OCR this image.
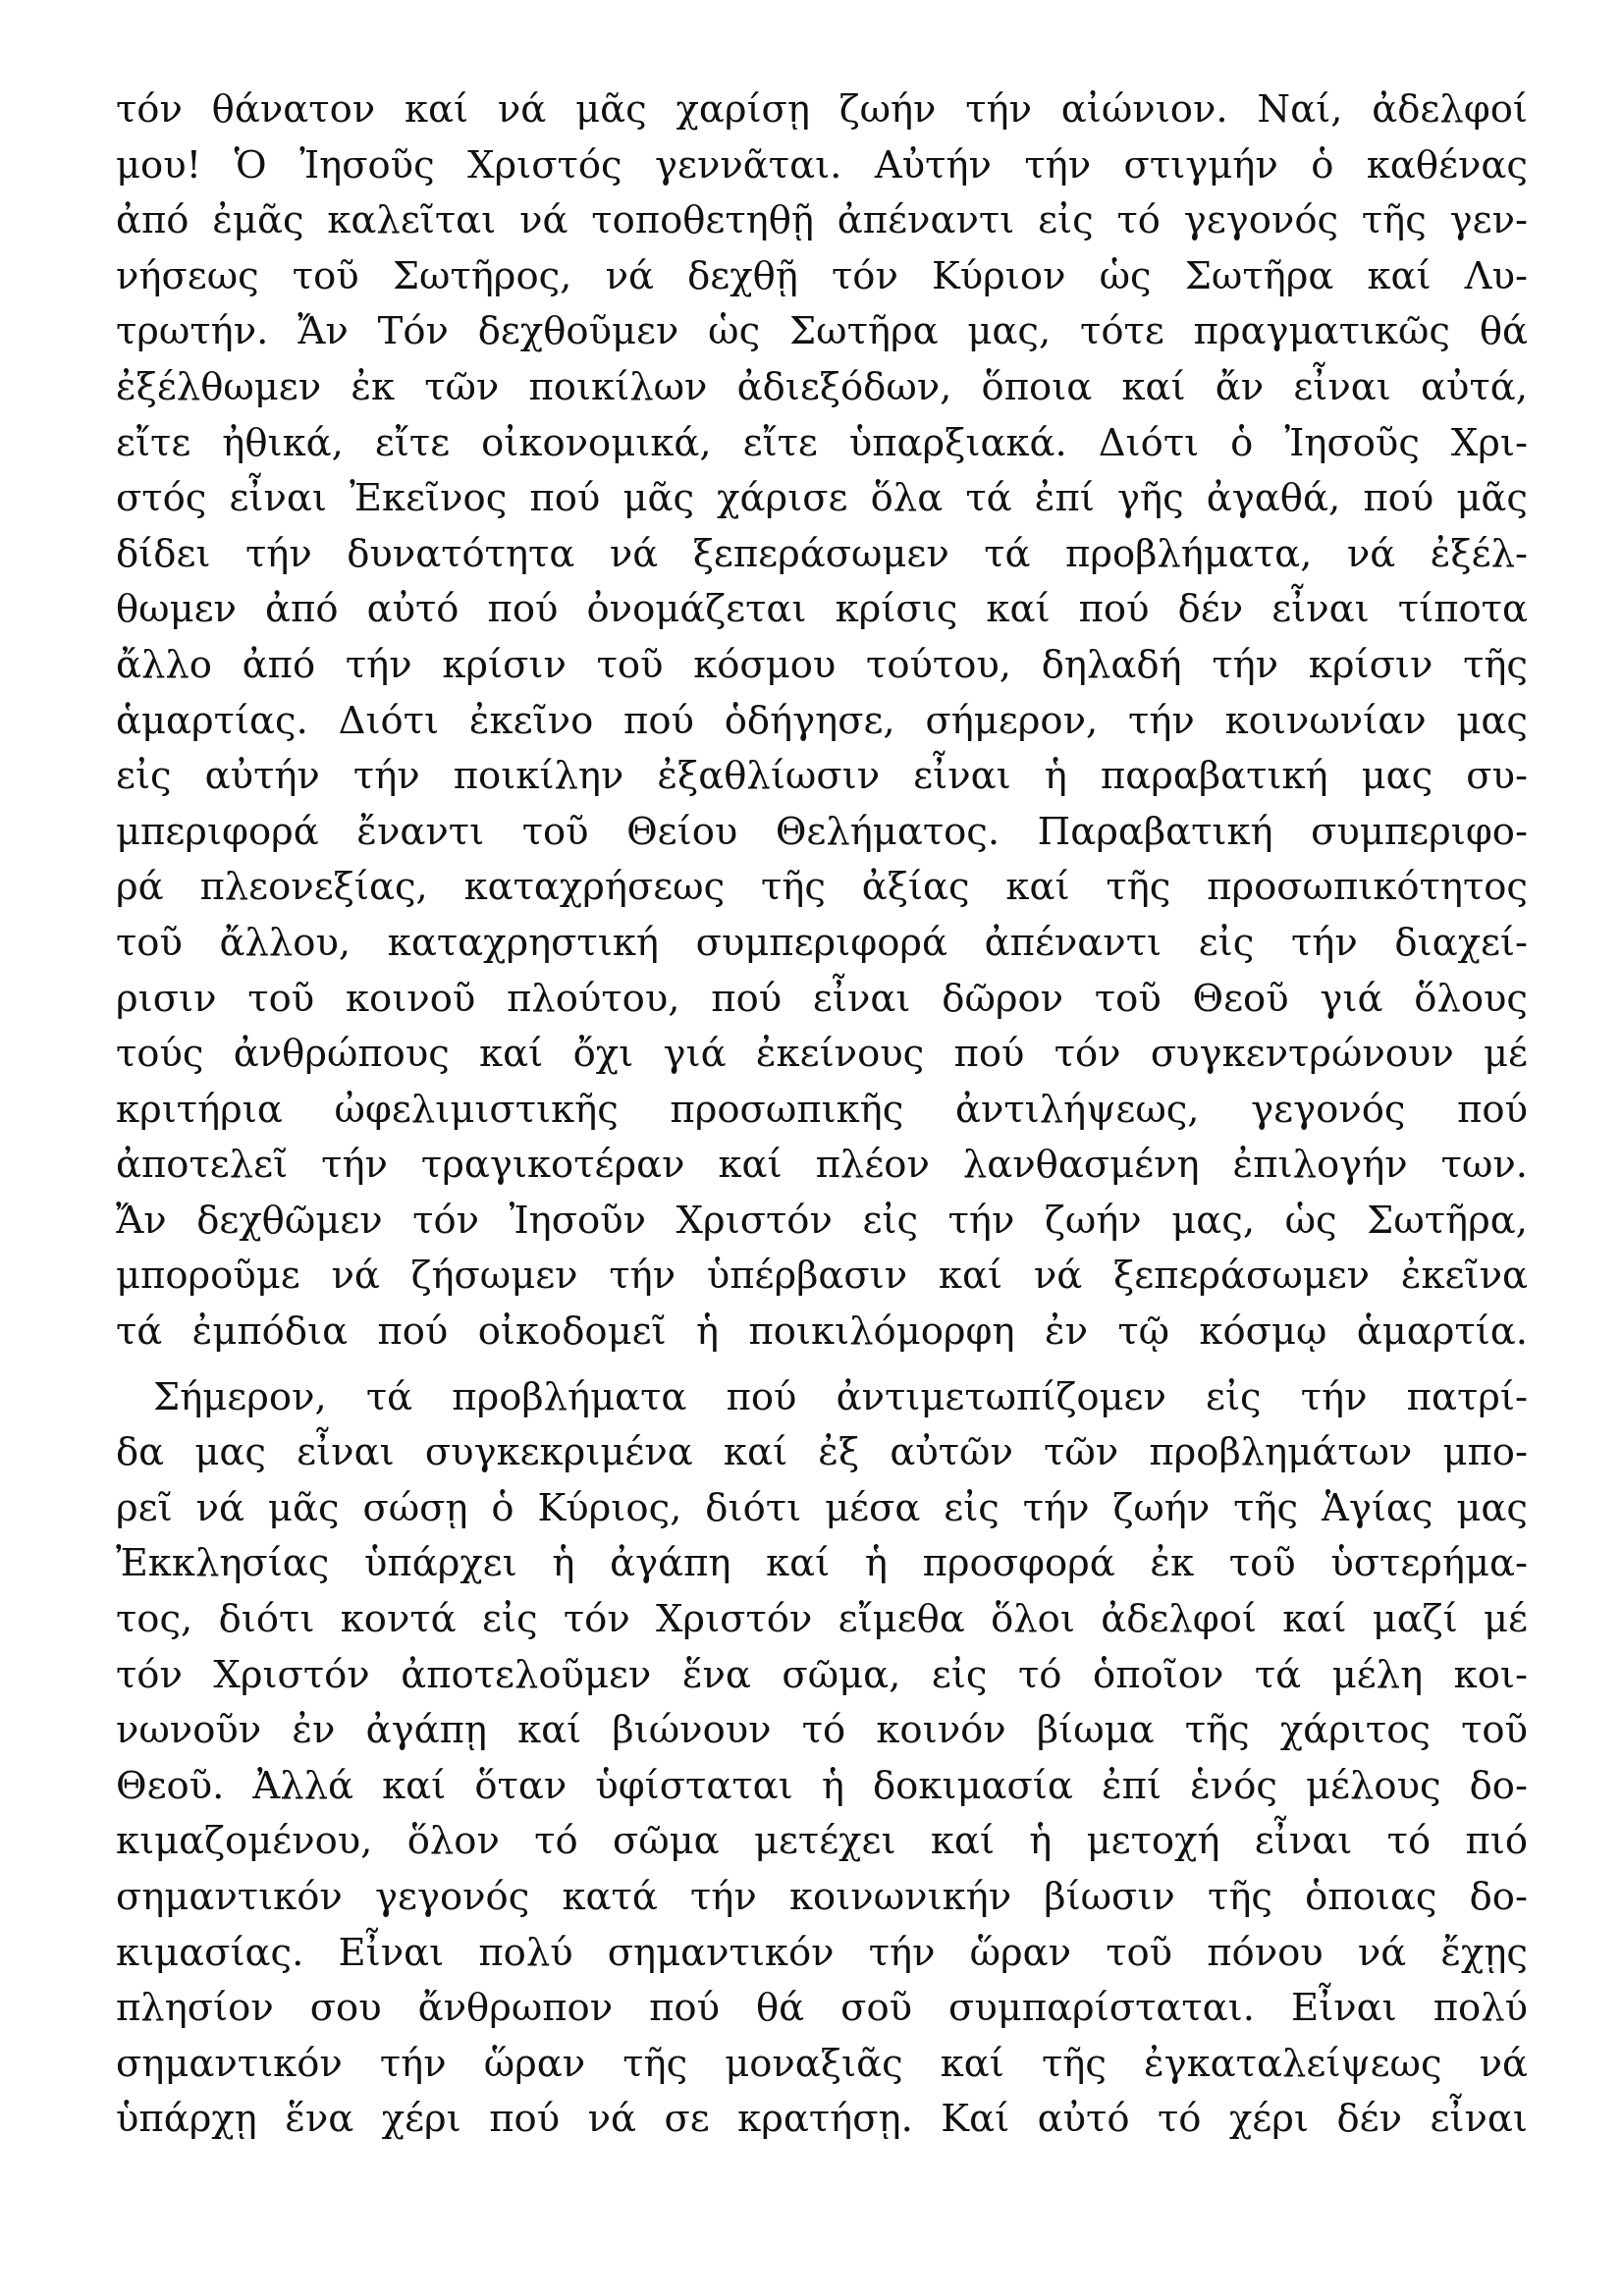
τόν θάνατον καί νά μᾶς χαρίσῃ ζωήν τήν αἰώνιον. Ναί, ἀδελφοί
μου! Ὁ Ἰησοῦς Χριστός γεννᾶται. Αὐτήν τήν στιγμήν ὁ καθένας
ἀπό ἐμᾶς καλεῖται νά τοποθετηθῇ ἀπέναντι εἰς τό γεγονός τῆς γεν-
νήσεως τοῦ Σωτῆρος, νά δεχθῇ τόν Κύριον ὡς Σωτῆρα καί Λυ-
τρωτήν. Ἄν Τόν δεχθοῦμεν ὡς Σωτῆρα μας, τότε πραγματικῶς θά
ἐξέλθωμεν ἐκ τῶν ποικίλων ἀδιεξόδων, ὅποια καί ἄν εἶναι αὐτά,
εἴτε ἠθικά, εἴτε οἰκονομικά, εἴτε ὑπαρξιακά. Διότι ὁ Ἰησοῦς Χρι-
στός εἶναι Ἐκεῖνος πού μᾶς χάρισε ὅλα τά ἐπί γῆς ἀγαθά, πού μᾶς
δίδει τήν δυνατότητα νά ξεπεράσωμεν τά προβλήματα, νά ἐξέλ-
θωμεν ἀπό αὐτό πού ὀνομάζεται κρίσις καί πού δέν εἶναι τίποτα
ἄλλο ἀπό τήν κρίσιν τοῦ κόσμου τούτου, δηλαδή τήν κρίσιν τῆς
ἁμαρτίας. Διότι ἐκεῖνο πού ὁδήγησε, σήμερον, τήν κοινωνίαν μας
εἰς αὐτήν τήν ποικίλην ἐξαθλίωσιν εἶναι ἡ παραβατική μας συ-
μπεριφορά ἔναντι τοῦ Θείου Θελήματος. Παραβατική συμπεριφο-
ρά πλεονεξίας, καταχρήσεως τῆς ἀξίας καί τῆς προσωπικότητος
τοῦ ἄλλου, καταχρηστική συμπεριφορά ἀπέναντι εἰς τήν διαχεί-
ρισιν τοῦ κοινοῦ πλούτου, πού εἶναι δῶρον τοῦ Θεοῦ γιά ὅλους
τούς ἀνθρώπους καί ὄχι γιά ἐκείνους πού τόν συγκεντρώνουν μέ
κριτήρια ὠφελιμιστικῆς προσωπικῆς ἀντιλήψεως, γεγονός πού
ἀποτελεῖ τήν τραγικοτέραν καί πλέον λανθασμένη ἐπιλογήν των.
Ἄν δεχθῶμεν τόν Ἰησοῦν Χριστόν εἰς τήν ζωήν μας, ὡς Σωτῆρα,
μποροῦμε νά ζήσωμεν τήν ὑπέρβασιν καί νά ξεπεράσωμεν ἐκεῖνα
τά ἐμπόδια πού οἰκοδομεῖ ἡ ποικιλόμορφη ἐν τῷ κόσμῳ ἁμαρτία.
Σήμερον, τά προβλήματα πού ἀντιμετωπίζομεν εἰς τήν πατρί-
δα μας εἶναι συγκεκριμένα καί ἐξ αὐτῶν τῶν προβλημάτων μπο-
ρεῖ νά μᾶς σώσῃ ὁ Κύριος, διότι μέσα εἰς τήν ζωήν τῆς Ἁγίας μας
Ἐκκλησίας ὑπάρχει ἡ ἀγάπη καί ἡ προσφορά ἐκ τοῦ ὑστερήμα-
τος, διότι κοντά εἰς τόν Χριστόν εἴμεθα ὅλοι ἀδελφοί καί μαζί μέ
τόν Χριστόν ἀποτελοῦμεν ἕνα σῶμα, εἰς τό ὁποῖον τά μέλη κοι-
νωνοῦν ἐν ἀγάπῃ καί βιώνουν τό κοινόν βίωμα τῆς χάριτος τοῦ
Θεοῦ. Ἀλλά καί ὅταν ὑφίσταται ἡ δοκιμασία ἐπί ἑνός μέλους δο-
κιμαζομένου, ὅλον τό σῶμα μετέχει καί ἡ μετοχή εἶναι τό πιό
σημαντικόν γεγονός κατά τήν κοινωνικήν βίωσιν τῆς ὁποιας δο-
κιμασίας. Εἶναι πολύ σημαντικόν τήν ὥραν τοῦ πόνου νά ἔχῃς
πλησίον σου ἄνθρωπον πού θά σοῦ συμπαρίσταται. Εἶναι πολύ
σημαντικόν τήν ὥραν τῆς μοναξιᾶς καί τῆς ἐγκαταλείψεως νά
ὑπάρχῃ ἕνα χέρι πού νά σε κρατήσῃ. Καί αὐτό τό χέρι δέν εἶναι
